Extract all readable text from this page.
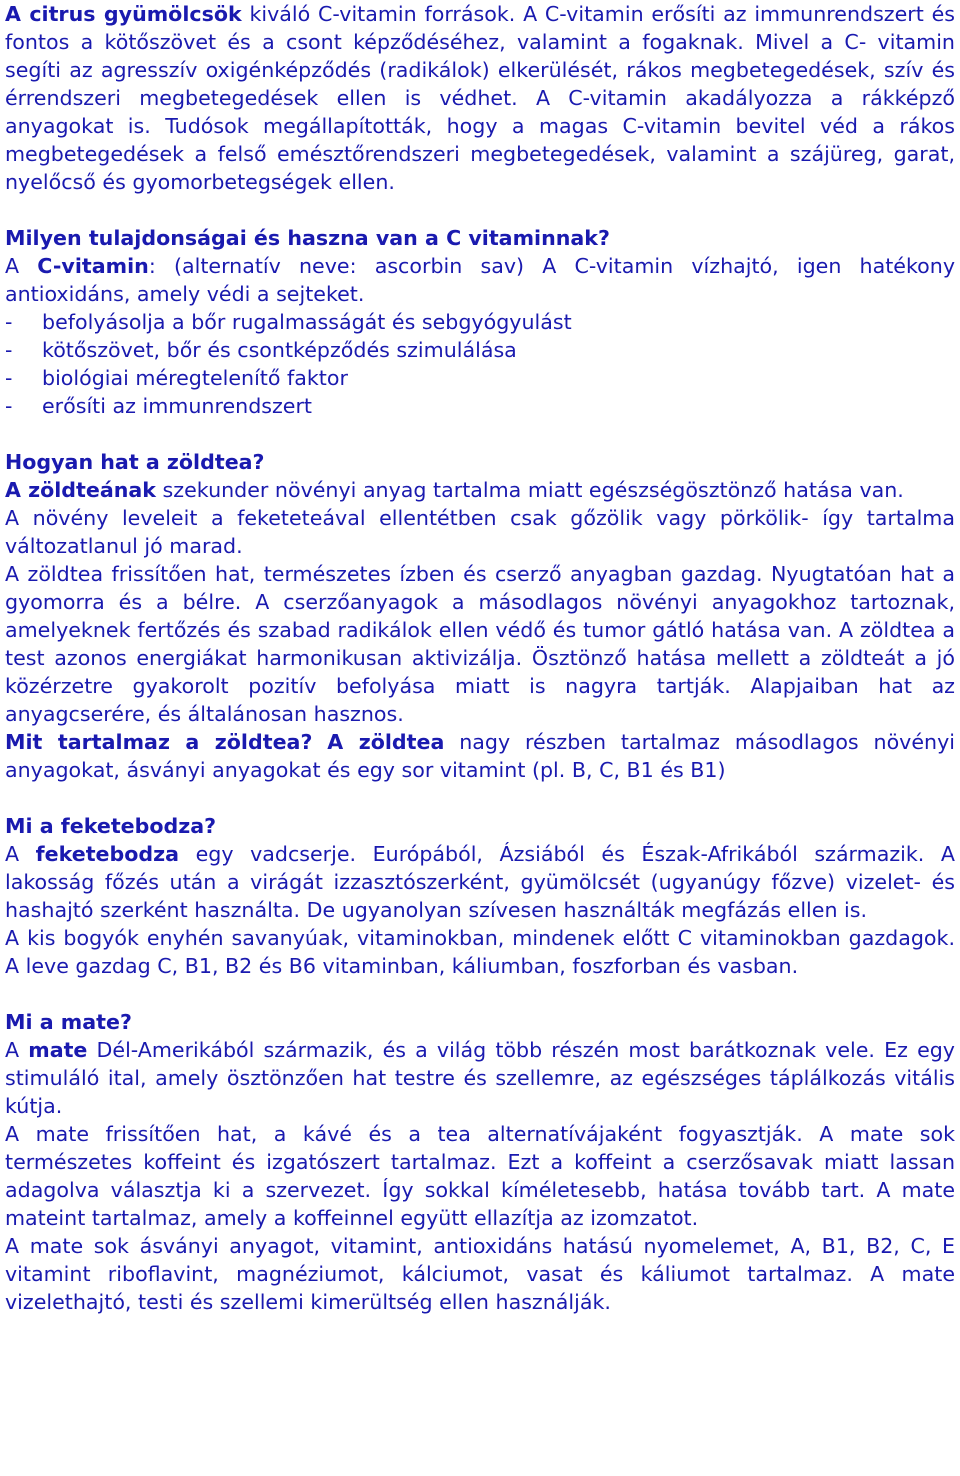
A citrus gyümölcsök kiváló C-vitamin források. A C-vitamin erősíti az immunrendszert és fontos a kötőszövet és a csont képződéséhez, valamint a fogaknak. Mivel a C- vitamin segíti az agresszív oxigénképződés (radikálok) elkerülését, rákos megbetegedések, szív és érrendszeri megbetegedések ellen is védhet. A C-vitamin akadályozza a rákképző anyagokat is. Tudósok megállapították, hogy a magas C-vitamin bevitel véd a rákos megbetegedések a felső emésztőrendszeri megbetegedések, valamint a szájüreg, garat, nyelőcső és gyomorbetegségek ellen.

Milyen tulajdonságai és haszna van a C vitaminnak?

A C-vitamin: (alternatív neve: ascorbin sav) A C-vitamin vízhajtó, igen hatékony antioxidáns, amely védi a sejteket.

-	befolyásolja a bőr rugalmasságát és sebgyógyulást
-	kötőszövet, bőr és csontképződés szimulálása
-	biológiai méregtelenítő faktor
-	erősíti az immunrendszert

Hogyan hat a zöldtea?

A zöldteának szekunder növényi anyag tartalma miatt egészségösztönző hatása van.

A növény leveleit a feketeteával ellentétben csak gőzölik vagy pörkölik- így tartalma változatlanul jó marad.

A zöldtea frissítően hat, természetes ízben és cserző anyagban gazdag. Nyugtatóan hat a gyomorra és a bélre. A cserzőanyagok a másodlagos növényi anyagokhoz tartoznak, amelyeknek fertőzés és szabad radikálok ellen védő és tumor gátló hatása van. A zöldtea a test azonos energiákat harmonikusan aktivizálja. Ösztönző hatása mellett a zöldteát a jó közérzetre gyakorolt pozitív befolyása miatt is nagyra tartják. Alapjaiban hat az anyagcserére, és általánosan hasznos.

Mit tartalmaz a zöldtea? A zöldtea nagy részben tartalmaz másodlagos növényi anyagokat, ásványi anyagokat és egy sor vitamint (pl. B, C, B1 és B1)

Mi a feketebodza?

A feketebodza egy vadcserje. Európából, Ázsiából és Észak-Afrikából származik. A lakosság főzés után a virágát izzasztószerként, gyümölcsét (ugyanúgy főzve) vizelet- és hashajtó szerként használta. De ugyanolyan szívesen használták megfázás ellen is.

A kis bogyók enyhén savanyúak, vitaminokban, mindenek előtt C vitaminokban gazdagok. A leve gazdag C, B1, B2 és B6 vitaminban, káliumban, foszforban és vasban.

Mi a mate?

A mate Dél-Amerikából származik, és a világ több részén most barátkoznak vele. Ez egy stimuláló ital, amely ösztönzően hat testre és szellemre, az egészséges táplálkozás vitális kútja.

A mate frissítően hat, a kávé és a tea alternatívájaként fogyasztják. A mate sok természetes koffeint és izgatószert tartalmaz. Ezt a koffeint a cserzősavak miatt lassan adagolva választja ki a szervezet. Így sokkal kíméletesebb, hatása tovább tart. A mate mateint tartalmaz, amely a koffeinnel együtt ellazítja az izomzatot.

A mate sok ásványi anyagot, vitamint, antioxidáns hatású nyomelemet, A, B1, B2, C, E vitamint riboflavint, magnéziumot, kálciumot, vasat és káliumot tartalmaz. A mate vizelethajtó, testi és szellemi kimerültség ellen használják.
